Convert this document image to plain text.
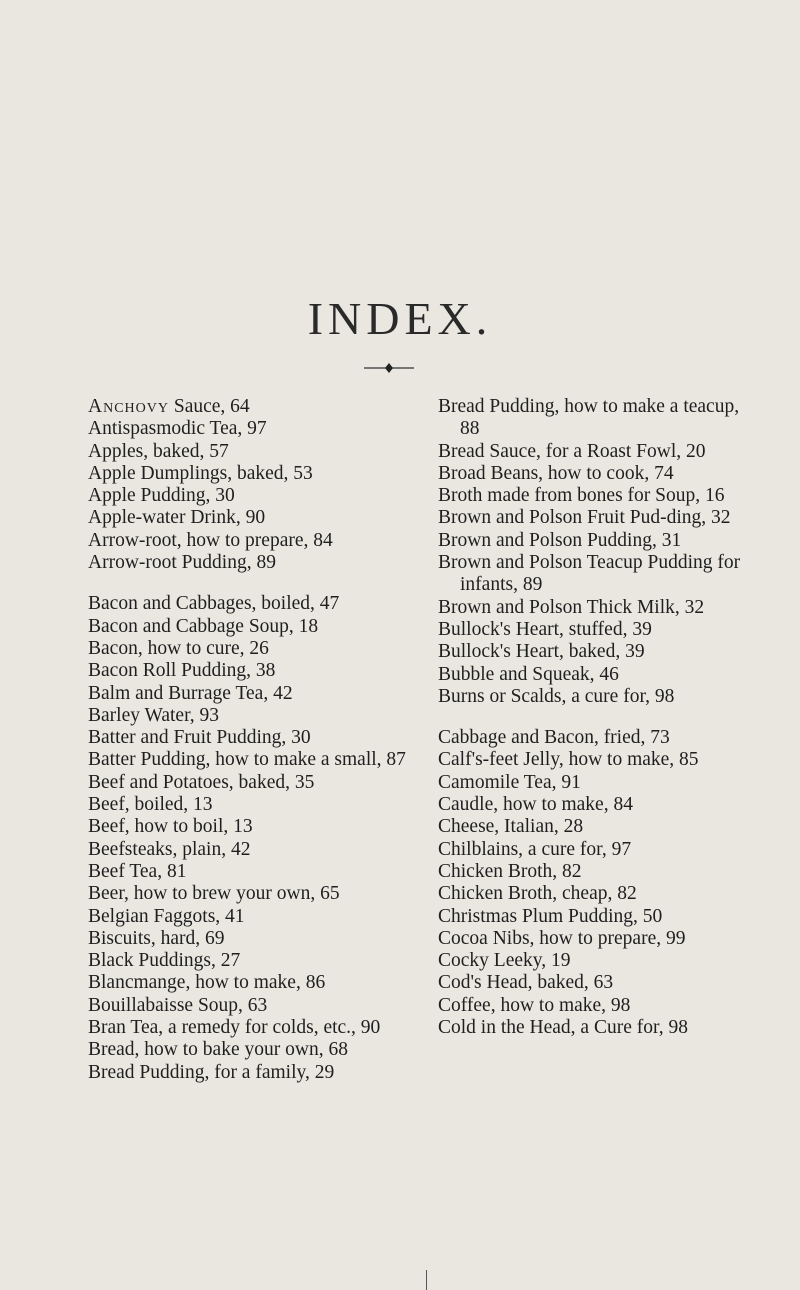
INDEX.
Anchovy Sauce, 64
Antispasmodic Tea, 97
Apples, baked, 57
Apple Dumplings, baked, 53
Apple Pudding, 30
Apple-water Drink, 90
Arrow-root, how to prepare, 84
Arrow-root Pudding, 89
Bacon and Cabbages, boiled, 47
Bacon and Cabbage Soup, 18
Bacon, how to cure, 26
Bacon Roll Pudding, 38
Balm and Burrage Tea, 42
Barley Water, 93
Batter and Fruit Pudding, 30
Batter Pudding, how to make a small, 87
Beef and Potatoes, baked, 35
Beef, boiled, 13
Beef, how to boil, 13
Beefsteaks, plain, 42
Beef Tea, 81
Beer, how to brew your own, 65
Belgian Faggots, 41
Biscuits, hard, 69
Black Puddings, 27
Blancmange, how to make, 86
Bouillabaisse Soup, 63
Bran Tea, a remedy for colds, etc., 90
Bread, how to bake your own, 68
Bread Pudding, for a family, 29
Bread Pudding, how to make a teacup, 88
Bread Sauce, for a Roast Fowl, 20
Broad Beans, how to cook, 74
Broth made from bones for Soup, 16
Brown and Polson Fruit Pud-ding, 32
Brown and Polson Pudding, 31
Brown and Polson Teacup Pudding for infants, 89
Brown and Polson Thick Milk, 32
Bullock's Heart, stuffed, 39
Bullock's Heart, baked, 39
Bubble and Squeak, 46
Burns or Scalds, a cure for, 98
Cabbage and Bacon, fried, 73
Calf's-feet Jelly, how to make, 85
Camomile Tea, 91
Caudle, how to make, 84
Cheese, Italian, 28
Chilblains, a cure for, 97
Chicken Broth, 82
Chicken Broth, cheap, 82
Christmas Plum Pudding, 50
Cocoa Nibs, how to prepare, 99
Cocky Leeky, 19
Cod's Head, baked, 63
Coffee, how to make, 98
Cold in the Head, a Cure for, 98
